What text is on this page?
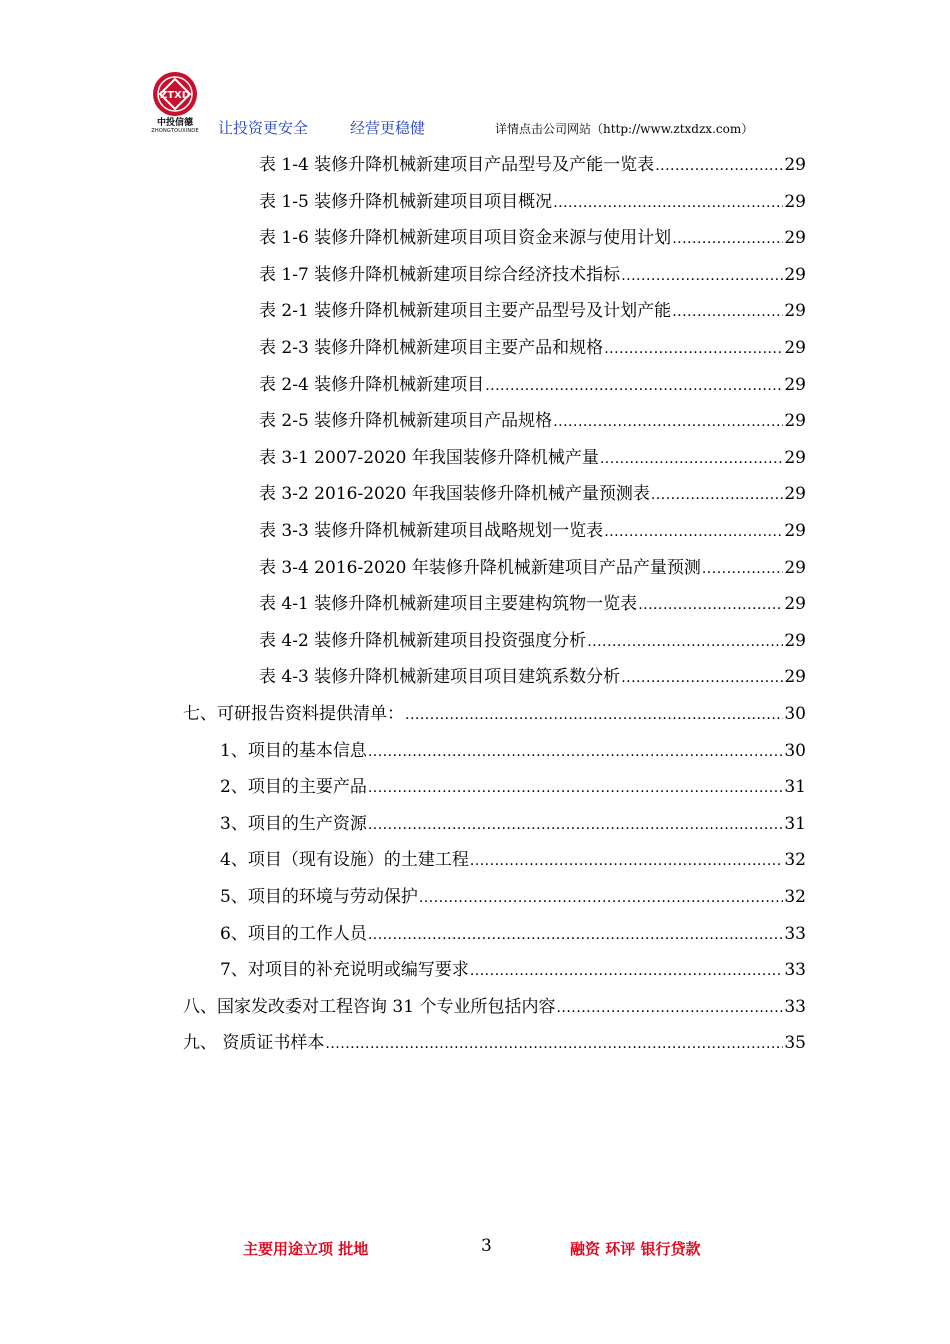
ZTXD
中投信德
ZHONGTOUXINDE	让投资更安全	经营更稳健	详情点击公司网站（http://www.ztxdzx.com）
表 1-4 装修升降机械新建项目产品型号及产能一览表 .....	29
表 1-5 装修升降机械新建项目项目概况 .....	29
表 1-6 装修升降机械新建项目项目资金来源与使用计划 .....	29
表 1-7 装修升降机械新建项目综合经济技术指标 .....	29
表 2-1 装修升降机械新建项目主要产品型号及计划产能 .....	29
表 2-3 装修升降机械新建项目主要产品和规格 .....	29
表 2-4 装修升降机械新建项目 .....	29
表 2-5 装修升降机械新建项目产品规格 .....	29
表 3-1 2007-2020 年我国装修升降机械产量 .....	29
表 3-2 2016-2020 年我国装修升降机械产量预测表 .....	29
表 3-3 装修升降机械新建项目战略规划一览表 .....	29
表 3-4 2016-2020 年装修升降机械新建项目产品产量预测 .....	29
表 4-1 装修升降机械新建项目主要建构筑物一览表 .....	29
表 4-2 装修升降机械新建项目投资强度分析 .....	29
表 4-3 装修升降机械新建项目项目建筑系数分析 .....	29
七、可研报告资料提供清单： .....	30
1、项目的基本信息 .....	30
2、项目的主要产品 .....	31
3、项目的生产资源 .....	31
4、项目（现有设施）的土建工程 .....	32
5、项目的环境与劳动保护 .....	32
6、项目的工作人员 .....	33
7、对项目的补充说明或编写要求 .....	33
八、国家发改委对工程咨询 31 个专业所包括内容 .....	33
九、 资质证书样本 .....	35
主要用途立项 批地	3	融资 环评 银行贷款
